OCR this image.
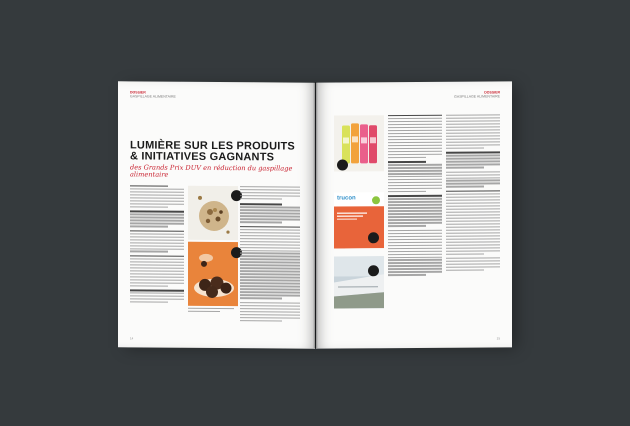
DOSSIER
GASPILLAGE ALIMENTAIRE
LUMIÈRE SUR LES PRODUITS
& INITIATIVES GAGNANTS
des Grands Prix DUV en réduction du gaspillage alimentaire
14
DOSSIER
GASPILLAGE ALIMENTAIRE
trucon
15
